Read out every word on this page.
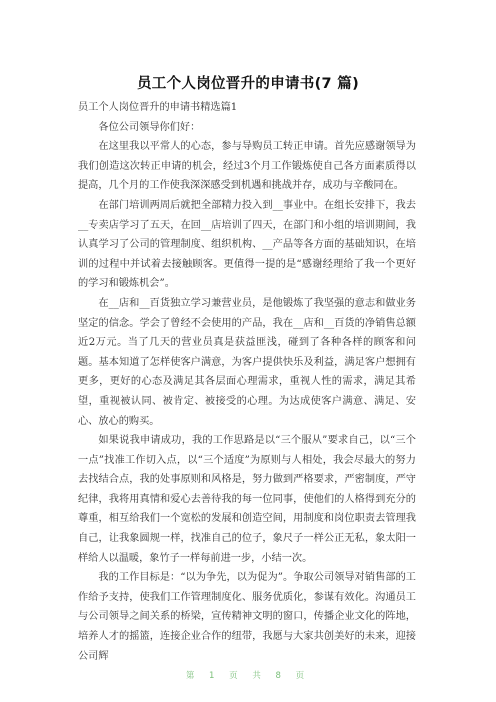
员工个人岗位晋升的申请书(7 篇)

员工个人岗位晋升的申请书精选篇1

各位公司领导你们好：

在这里我以平常人的心态，参与导购员工转正申请。首先应感谢领导为我们创造这次转正申请的机会，经过3个月工作锻炼使自己各方面素质得以提高，几个月的工作使我深深感受到机遇和挑战并存，成功与辛酸同在。

在部门培训两周后就把全部精力投入到__事业中。在组长安排下，我去__专卖店学习了五天，在回__店培训了四天，在部门和小组的培训期间，我认真学习了公司的管理制度、组织机构、__产品等各方面的基础知识，在培训的过程中并试着去接触顾客。更值得一提的是“感谢经理给了我一个更好的学习和锻炼机会”。

在__店和__百货独立学习兼营业员，是他锻炼了我坚强的意志和做业务坚定的信念。学会了曾经不会使用的产品，我在__店和__百货的净销售总额近2万元。当了几天的营业员真是获益匪浅，碰到了各种各样的顾客和问题。基本知道了怎样使客户满意，为客户提供快乐及利益，满足客户想拥有更多，更好的心态及满足其各层面心理需求，重视人性的需求，满足其希望，重视被认同、被肯定、被接受的心理。为达成使客户满意、满足、安心、放心的购买。

如果说我申请成功，我的工作思路是以“三个服从”要求自己，以“三个一点”找准工作切入点，以“三个适度”为原则与人相处，我会尽最大的努力去找结合点，我的处事原则和风格是，努力做到严格要求，严密制度，严守纪律，我将用真情和爱心去善待我的每一位同事，使他们的人格得到充分的尊重，相互给我们一个宽松的发展和创造空间，用制度和岗位职责去管理我自己，让我象圆规一样，找准自己的位子，象尺子一样公正无私，象太阳一样给人以温暖，象竹子一样每前进一步，小结一次。

我的工作目标是：“以为争先，以为促为”。争取公司领导对销售部的工作给予支持，使我们工作管理制度化、服务优质化，参谋有效化。沟通员工与公司领导之间关系的桥梁，宣传精神文明的窗口，传播企业文化的阵地，培养人才的摇篮，连接企业合作的纽带，我愿与大家共创美好的未来，迎接公司辉

第 1 页 共 8 页
